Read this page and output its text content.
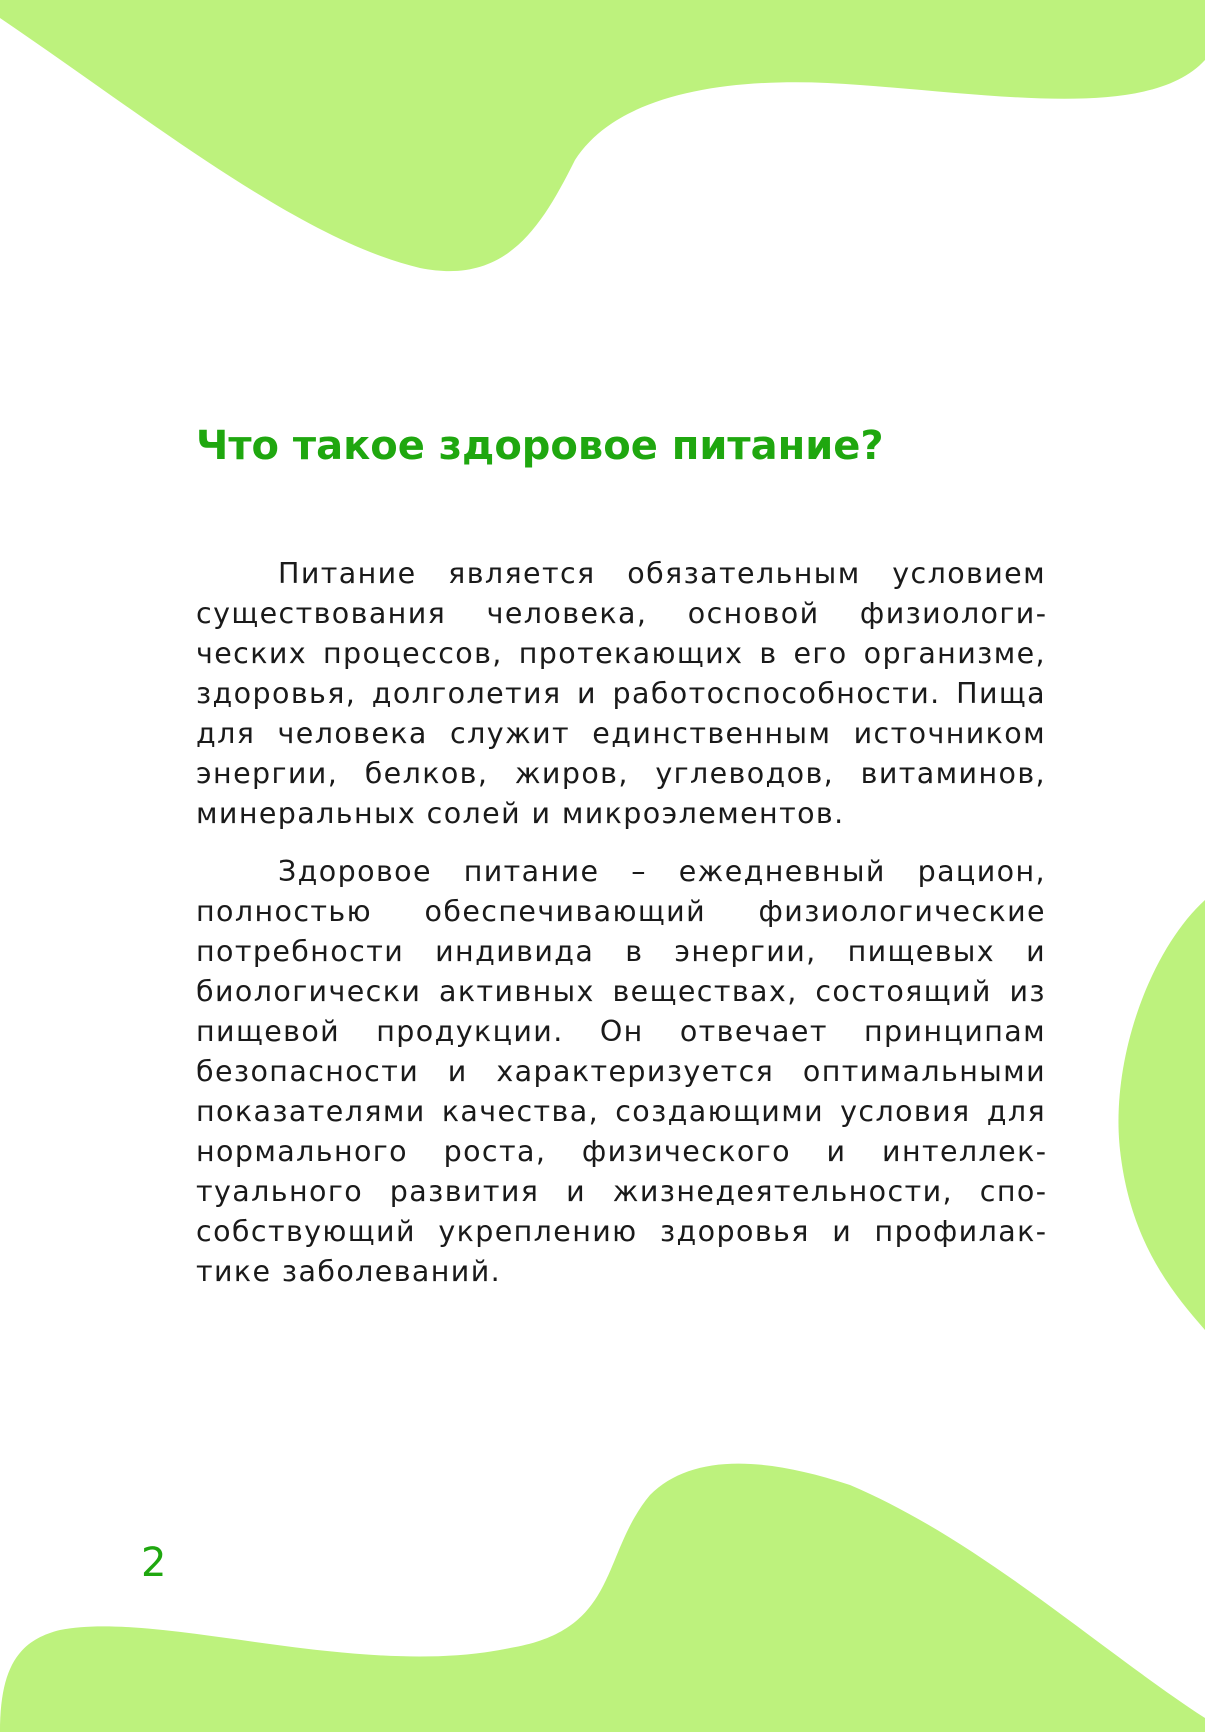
Что такое здоровое питание?

Питание является обязательным условием существования человека, основой физиологических процессов, протекающих в его организме, здоровья, долголетия и работоспособности. Пища для человека служит единственным источником энергии, белков, жиров, углеводов, витаминов, минеральных солей и микроэлементов.

Здоровое питание – ежедневный рацион, полностью обеспечивающий физиологические потребности индивида в энергии, пищевых и биологически активных веществах, состоящий из пищевой продукции. Он отвечает принципам безопасности и характеризуется оптимальными показателями качества, создающими условия для нормального роста, физического и интеллектуального развития и жизнедеятельности, способствующий укреплению здоровья и профилактике заболеваний.

2
